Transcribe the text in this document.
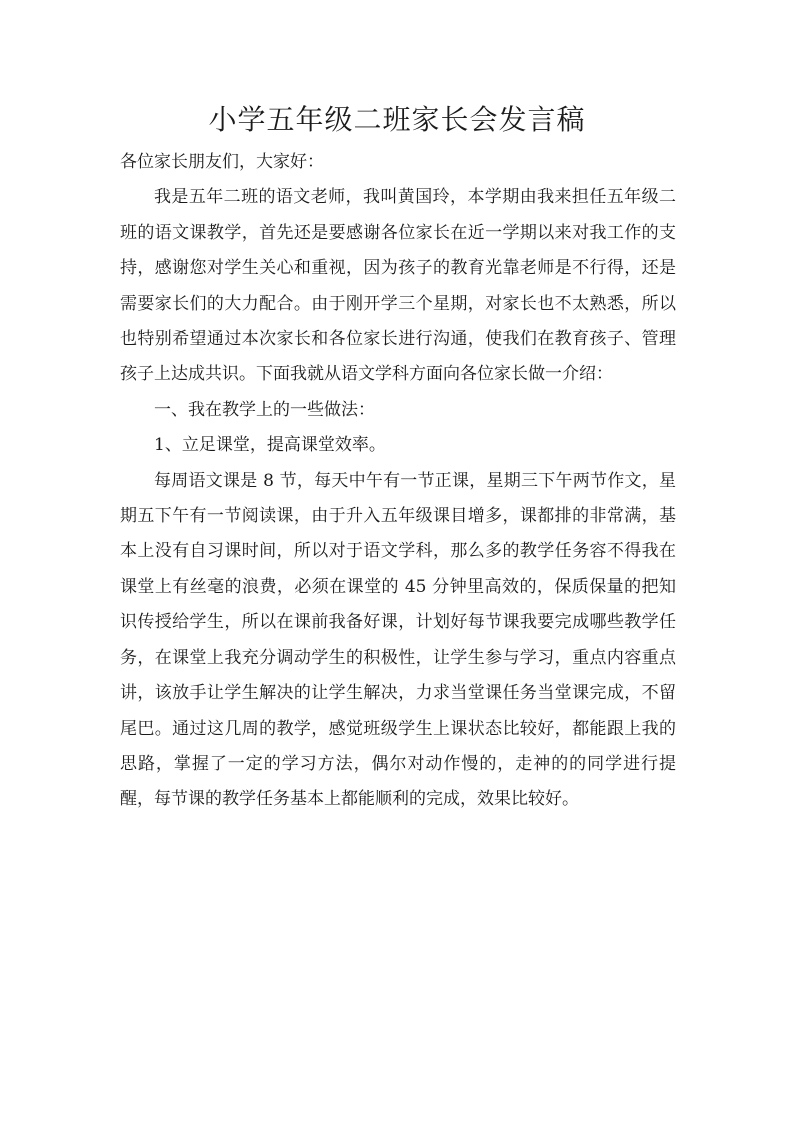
小学五年级二班家长会发言稿

各位家长朋友们，大家好：

我是五年二班的语文老师，我叫黄国玲，本学期由我来担任五年级二班的语文课教学，首先还是要感谢各位家长在近一学期以来对我工作的支持，感谢您对学生关心和重视，因为孩子的教育光靠老师是不行得，还是需要家长们的大力配合。由于刚开学三个星期，对家长也不太熟悉，所以也特别希望通过本次家长和各位家长进行沟通，使我们在教育孩子、管理孩子上达成共识。下面我就从语文学科方面向各位家长做一介绍：

一、我在教学上的一些做法：

1、立足课堂，提高课堂效率。

每周语文课是 8 节，每天中午有一节正课，星期三下午两节作文，星期五下午有一节阅读课，由于升入五年级课目增多，课都排的非常满，基本上没有自习课时间，所以对于语文学科，那么多的教学任务容不得我在课堂上有丝毫的浪费，必须在课堂的 45 分钟里高效的，保质保量的把知识传授给学生，所以在课前我备好课，计划好每节课我要完成哪些教学任务，在课堂上我充分调动学生的积极性，让学生参与学习，重点内容重点讲，该放手让学生解决的让学生解决，力求当堂课任务当堂课完成，不留尾巴。通过这几周的教学，感觉班级学生上课状态比较好，都能跟上我的思路，掌握了一定的学习方法，偶尔对动作慢的，走神的的同学进行提醒，每节课的教学任务基本上都能顺利的完成，效果比较好。
